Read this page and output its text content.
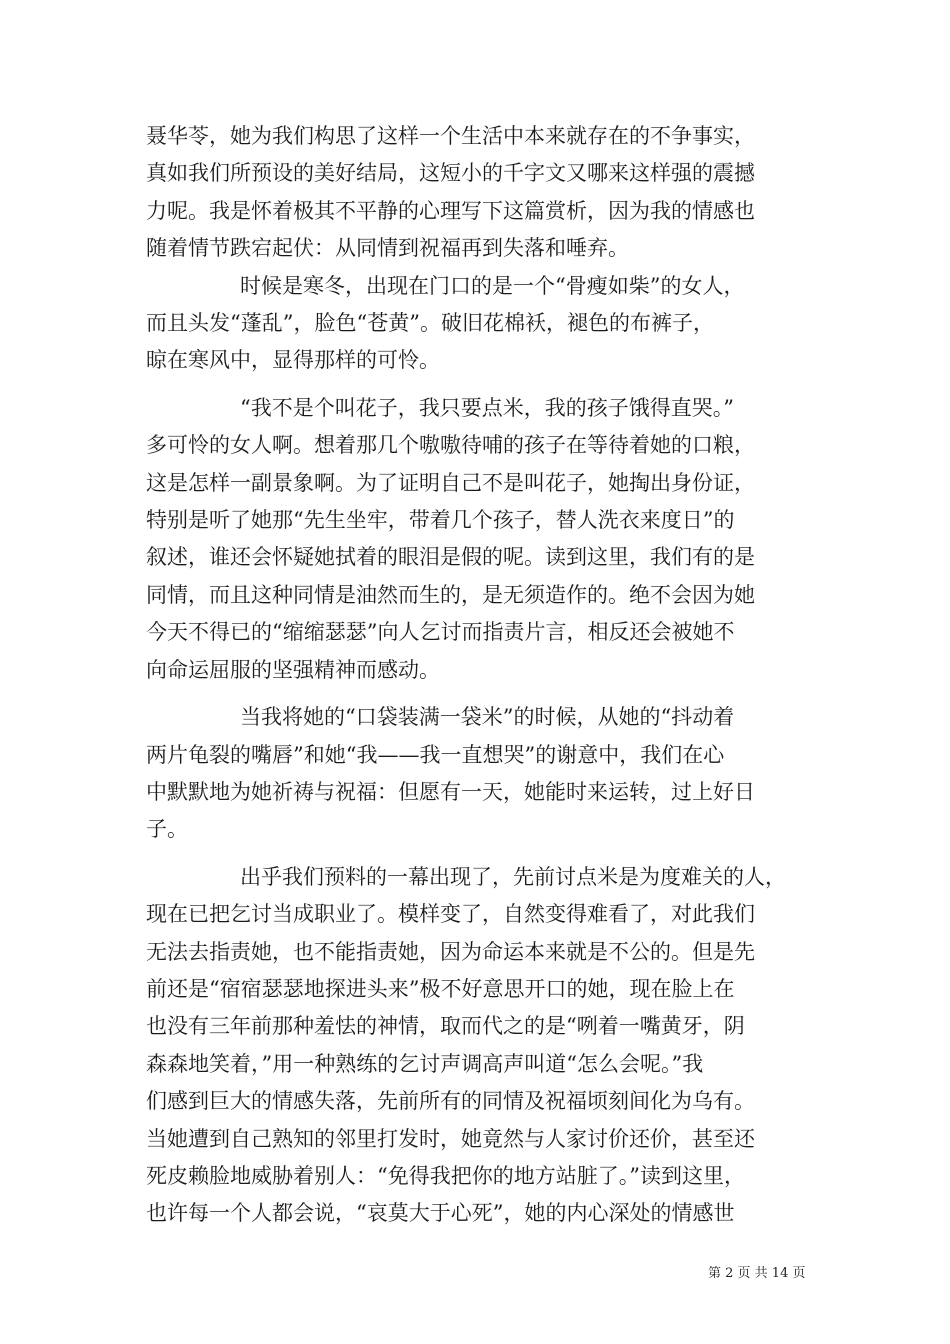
聂华苓，她为我们构思了这样一个生活中本来就存在的不争事实，
真如我们所预设的美好结局，这短小的千字文又哪来这样强的震撼
力呢。我是怀着极其不平静的心理写下这篇赏析，因为我的情感也
随着情节跌宕起伏：从同情到祝福再到失落和唾弃。
时候是寒冬，出现在门口的是一个“骨瘦如柴”的女人，
而且头发“蓬乱”，脸色“苍黄”。破旧花棉袄，褪色的布裤子，
晾在寒风中，显得那样的可怜。
“我不是个叫花子，我只要点米，我的孩子饿得直哭。”
多可怜的女人啊。想着那几个嗷嗷待哺的孩子在等待着她的口粮，
这是怎样一副景象啊。为了证明自己不是叫花子，她掏出身份证，
特别是听了她那“先生坐牢，带着几个孩子，替人洗衣来度日”的
叙述，谁还会怀疑她拭着的眼泪是假的呢。读到这里，我们有的是
同情，而且这种同情是油然而生的，是无须造作的。绝不会因为她
今天不得已的“缩缩瑟瑟”向人乞讨而指责片言，相反还会被她不
向命运屈服的坚强精神而感动。
当我将她的“口袋装满一袋米”的时候，从她的“抖动着
两片龟裂的嘴唇”和她“我——我一直想哭”的谢意中，我们在心
中默默地为她祈祷与祝福：但愿有一天，她能时来运转，过上好日
子。
出乎我们预料的一幕出现了，先前讨点米是为度难关的人，
现在已把乞讨当成职业了。模样变了，自然变得难看了，对此我们
无法去指责她，也不能指责她，因为命运本来就是不公的。但是先
前还是“宿宿瑟瑟地探进头来”极不好意思开口的她，现在脸上在
也没有三年前那种羞怯的神情，取而代之的是“咧着一嘴黄牙，阴
森森地笑着，”用一种熟练的乞讨声调高声叫道“怎么会呢。”我
们感到巨大的情感失落，先前所有的同情及祝福顷刻间化为乌有。
当她遭到自己熟知的邻里打发时，她竟然与人家讨价还价，甚至还
死皮赖脸地威胁着别人：“免得我把你的地方站脏了。”读到这里，
也许每一个人都会说，“哀莫大于心死”，她的内心深处的情感世
第 2 页 共 14 页
